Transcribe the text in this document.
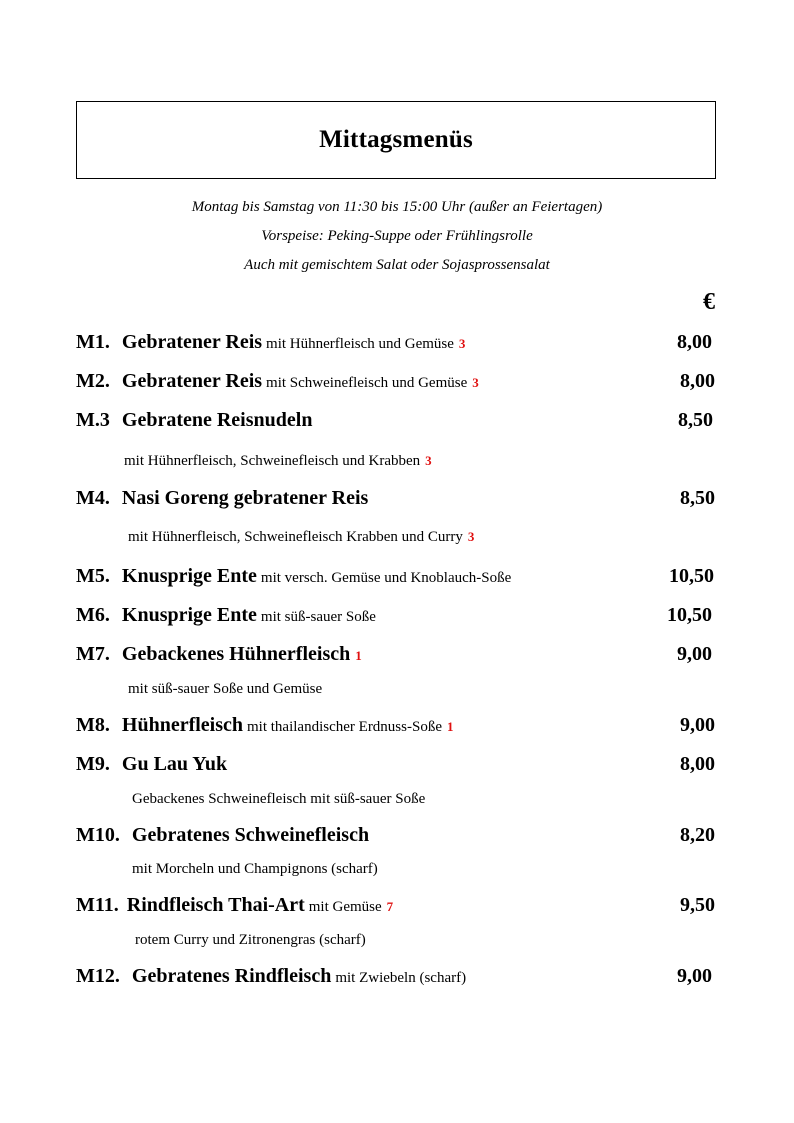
Mittagsmenüs
Montag bis Samstag von 11:30 bis 15:00 Uhr (außer an Feiertagen)
Vorspeise: Peking-Suppe oder Frühlingsrolle
Auch mit gemischtem Salat oder Sojasprossensalat
€
M1. Gebratener Reis mit Hühnerfleisch und Gemüse 3	8,00
M2. Gebratener Reis mit Schweinefleisch und Gemüse 3	8,00
M.3 Gebratene Reisnudeln	8,50
mit Hühnerfleisch, Schweinefleisch und Krabben 3
M4. Nasi Goreng gebratener Reis	8,50
mit Hühnerfleisch, Schweinefleisch Krabben und Curry 3
M5. Knusprige Ente mit versch. Gemüse und Knoblauch-Soße	10,50
M6. Knusprige Ente mit süß-sauer Soße	10,50
M7. Gebackenes Hühnerfleisch 1	9,00
mit süß-sauer Soße und Gemüse
M8. Hühnerfleisch mit thailandischer Erdnuss-Soße 1	9,00
M9. Gu Lau Yuk	8,00
Gebackenes Schweinefleisch mit süß-sauer Soße
M10. Gebratenes Schweinefleisch	8,20
mit Morcheln und Champignons (scharf)
M11. Rindfleisch Thai-Art mit Gemüse 7	9,50
rotem Curry und Zitronengras (scharf)
M12. Gebratenes Rindfleisch mit Zwiebeln (scharf)	9,00
